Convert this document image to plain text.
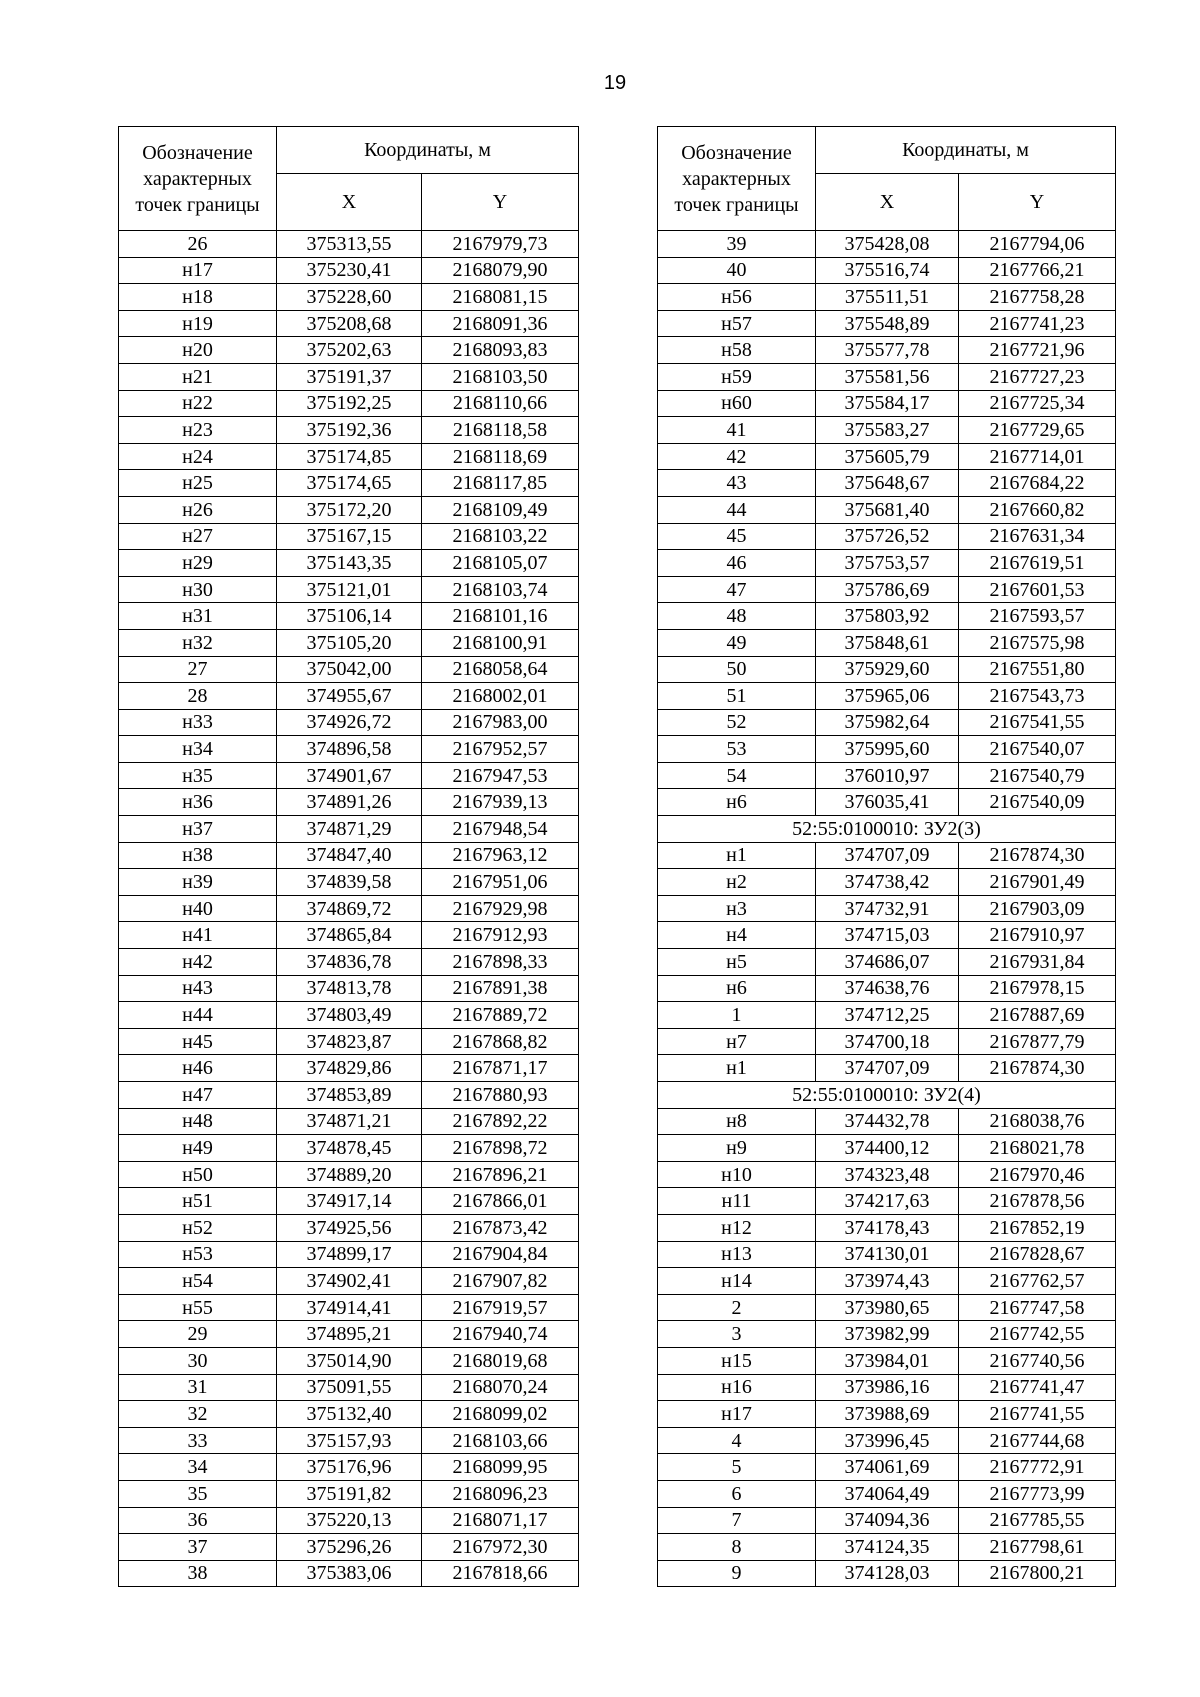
19
Обозначение характерных точек границы	Координаты, м	
	X	Y
26	375313,55	2167979,73
н17	375230,41	2168079,90
н18	375228,60	2168081,15
н19	375208,68	2168091,36
н20	375202,63	2168093,83
н21	375191,37	2168103,50
н22	375192,25	2168110,66
н23	375192,36	2168118,58
н24	375174,85	2168118,69
н25	375174,65	2168117,85
н26	375172,20	2168109,49
н27	375167,15	2168103,22
н29	375143,35	2168105,07
н30	375121,01	2168103,74
н31	375106,14	2168101,16
н32	375105,20	2168100,91
27	375042,00	2168058,64
28	374955,67	2168002,01
н33	374926,72	2167983,00
н34	374896,58	2167952,57
н35	374901,67	2167947,53
н36	374891,26	2167939,13
н37	374871,29	2167948,54
н38	374847,40	2167963,12
н39	374839,58	2167951,06
н40	374869,72	2167929,98
н41	374865,84	2167912,93
н42	374836,78	2167898,33
н43	374813,78	2167891,38
н44	374803,49	2167889,72
н45	374823,87	2167868,82
н46	374829,86	2167871,17
н47	374853,89	2167880,93
н48	374871,21	2167892,22
н49	374878,45	2167898,72
н50	374889,20	2167896,21
н51	374917,14	2167866,01
н52	374925,56	2167873,42
н53	374899,17	2167904,84
н54	374902,41	2167907,82
н55	374914,41	2167919,57
29	374895,21	2167940,74
30	375014,90	2168019,68
31	375091,55	2168070,24
32	375132,40	2168099,02
33	375157,93	2168103,66
34	375176,96	2168099,95
35	375191,82	2168096,23
36	375220,13	2168071,17
37	375296,26	2167972,30
38	375383,06	2167818,66
Обозначение характерных точек границы	Координаты, м	
	X	Y
39	375428,08	2167794,06
40	375516,74	2167766,21
н56	375511,51	2167758,28
н57	375548,89	2167741,23
н58	375577,78	2167721,96
н59	375581,56	2167727,23
н60	375584,17	2167725,34
41	375583,27	2167729,65
42	375605,79	2167714,01
43	375648,67	2167684,22
44	375681,40	2167660,82
45	375726,52	2167631,34
46	375753,57	2167619,51
47	375786,69	2167601,53
48	375803,92	2167593,57
49	375848,61	2167575,98
50	375929,60	2167551,80
51	375965,06	2167543,73
52	375982,64	2167541,55
53	375995,60	2167540,07
54	376010,97	2167540,79
н6	376035,41	2167540,09
52:55:0100010: ЗУ2(3)		
н1	374707,09	2167874,30
н2	374738,42	2167901,49
н3	374732,91	2167903,09
н4	374715,03	2167910,97
н5	374686,07	2167931,84
н6	374638,76	2167978,15
1	374712,25	2167887,69
н7	374700,18	2167877,79
н1	374707,09	2167874,30
52:55:0100010: ЗУ2(4)		
н8	374432,78	2168038,76
н9	374400,12	2168021,78
н10	374323,48	2167970,46
н11	374217,63	2167878,56
н12	374178,43	2167852,19
н13	374130,01	2167828,67
н14	373974,43	2167762,57
2	373980,65	2167747,58
3	373982,99	2167742,55
н15	373984,01	2167740,56
н16	373986,16	2167741,47
н17	373988,69	2167741,55
4	373996,45	2167744,68
5	374061,69	2167772,91
6	374064,49	2167773,99
7	374094,36	2167785,55
8	374124,35	2167798,61
9	374128,03	2167800,21
